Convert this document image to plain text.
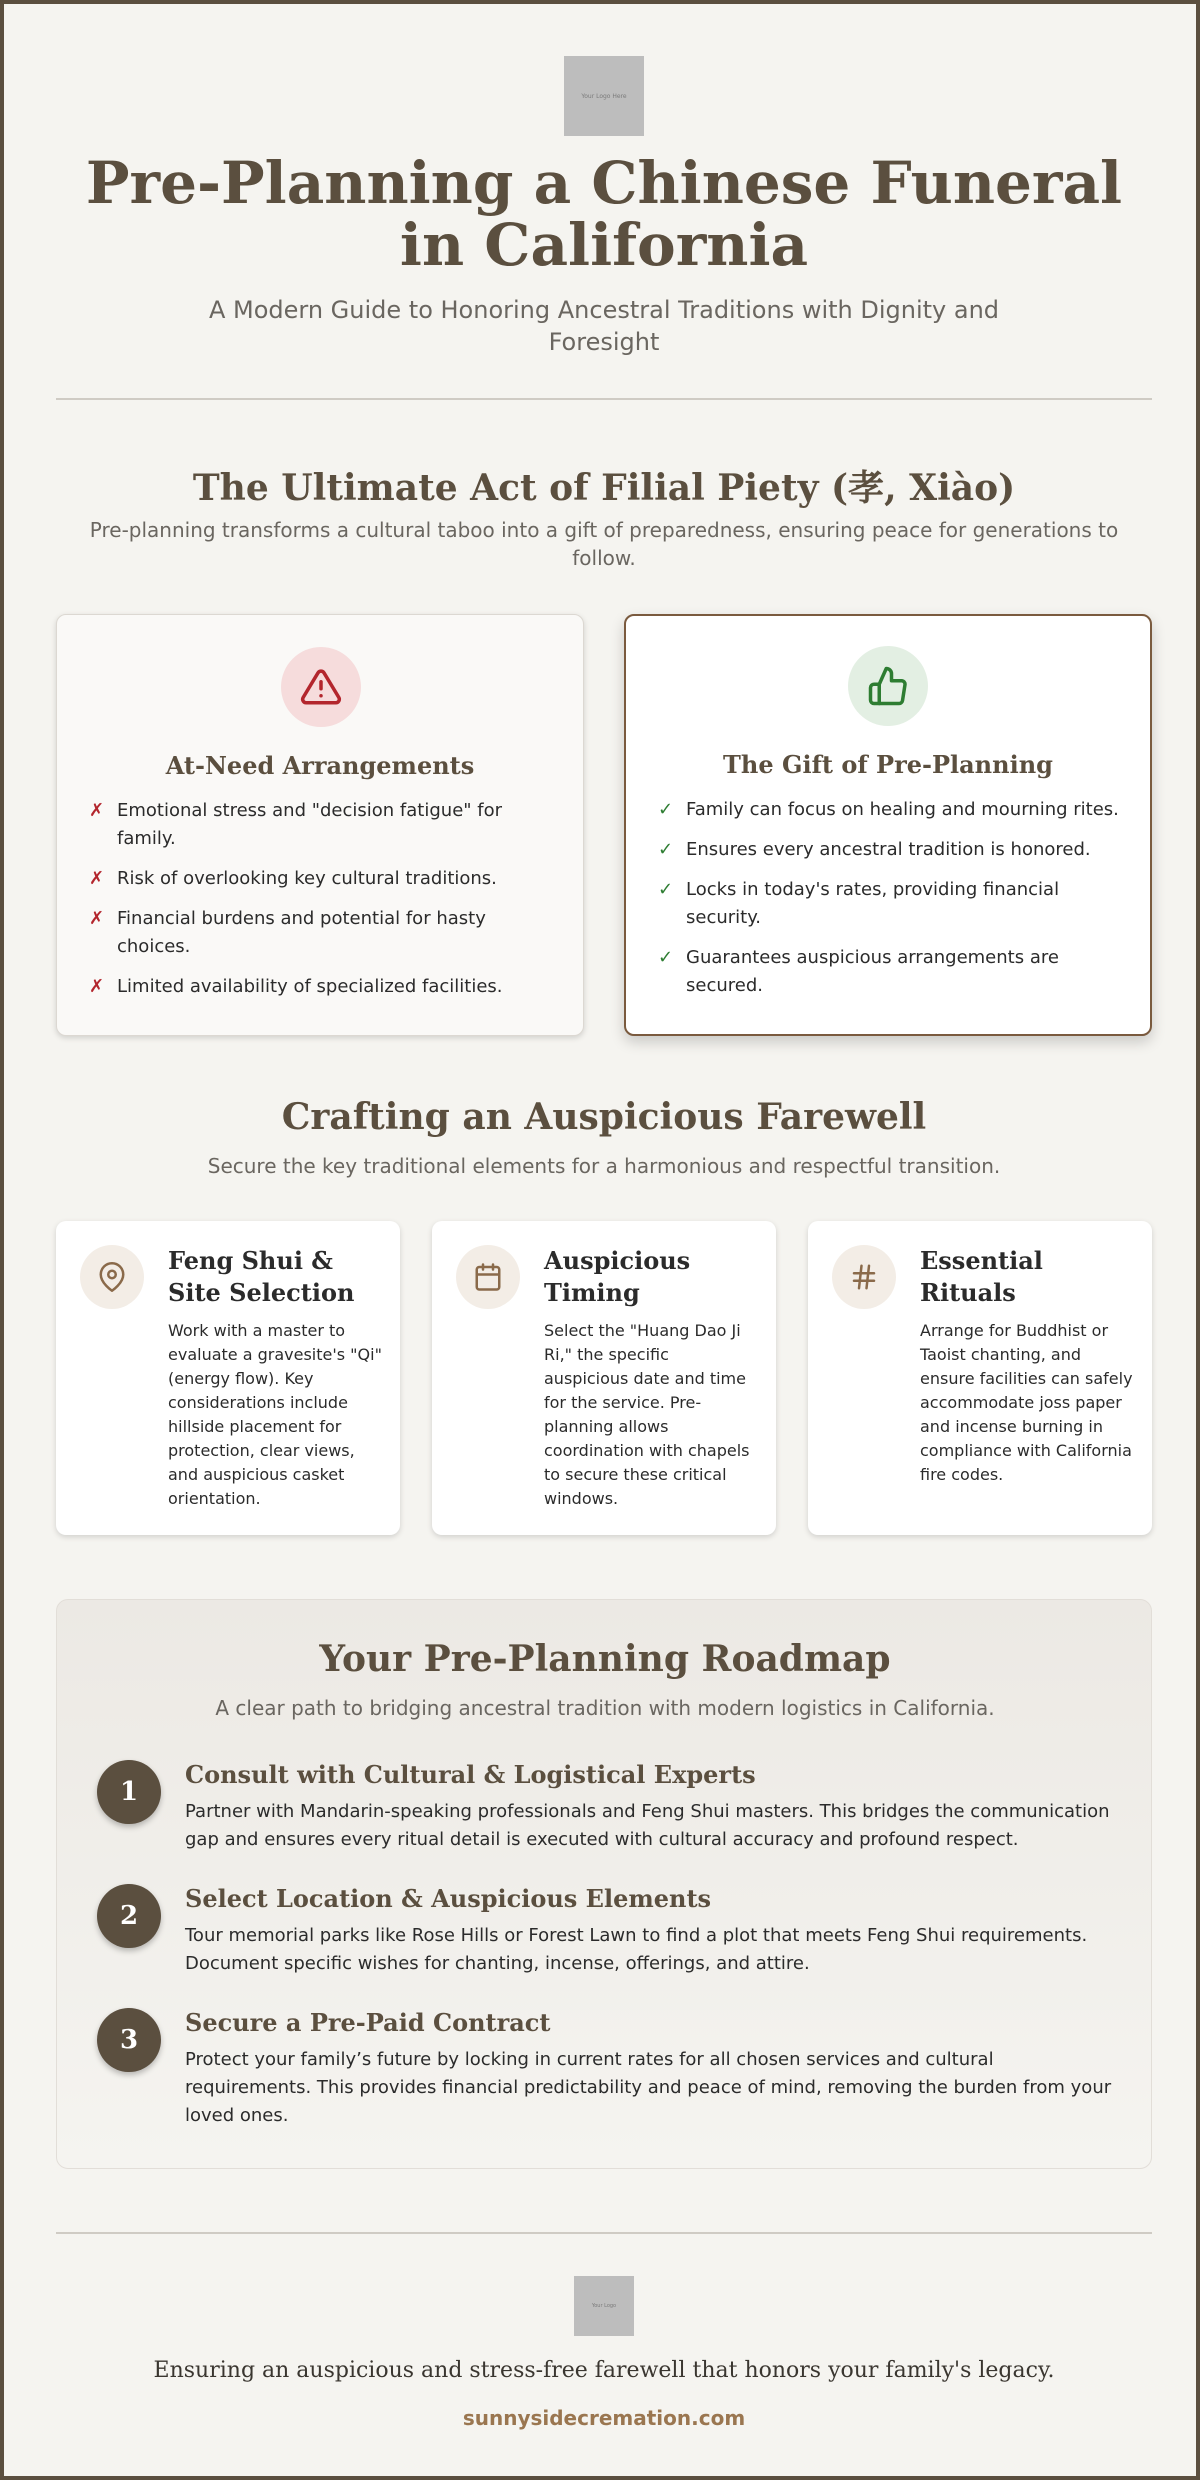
Your Logo Here
Pre-Planning a Chinese Funeral in California

A Modern Guide to Honoring Ancestral Traditions with Dignity and Foresight

The Ultimate Act of Filial Piety (孝, Xiào)

Pre-planning transforms a cultural taboo into a gift of preparedness, ensuring peace for generations to follow.

At-Need Arrangements
✗ Emotional stress and "decision fatigue" for family.
✗ Risk of overlooking key cultural traditions.
✗ Financial burdens and potential for hasty choices.
✗ Limited availability of specialized facilities.
The Gift of Pre-Planning
✓ Family can focus on healing and mourning rites.
✓ Ensures every ancestral tradition is honored.
✓ Locks in today's rates, providing financial security.
✓ Guarantees auspicious arrangements are secured.
Crafting an Auspicious Farewell

Secure the key traditional elements for a harmonious and respectful transition.

Feng Shui & Site Selection
Work with a master to evaluate a gravesite's "Qi" (energy flow). Key considerations include hillside placement for protection, clear views, and auspicious casket orientation.
Auspicious Timing
Select the "Huang Dao Ji Ri," the specific auspicious date and time for the service. Pre-planning allows coordination with chapels to secure these critical windows.
Essential Rituals
Arrange for Buddhist or Taoist chanting, and ensure facilities can safely accommodate joss paper and incense burning in compliance with California fire codes.
Your Pre-Planning Roadmap
A clear path to bridging ancestral tradition with modern logistics in California.
1
Consult with Cultural & Logistical Experts
Partner with Mandarin-speaking professionals and Feng Shui masters. This bridges the communication gap and ensures every ritual detail is executed with cultural accuracy and profound respect.
2
Select Location & Auspicious Elements
Tour memorial parks like Rose Hills or Forest Lawn to find a plot that meets Feng Shui requirements. Document specific wishes for chanting, incense, offerings, and attire.
3
Secure a Pre-Paid Contract
Protect your family’s future by locking in current rates for all chosen services and cultural requirements. This provides financial predictability and peace of mind, removing the burden from your loved ones.
Your Logo

Ensuring an auspicious and stress-free farewell that honors your family's legacy.

sunnysidecremation.com
